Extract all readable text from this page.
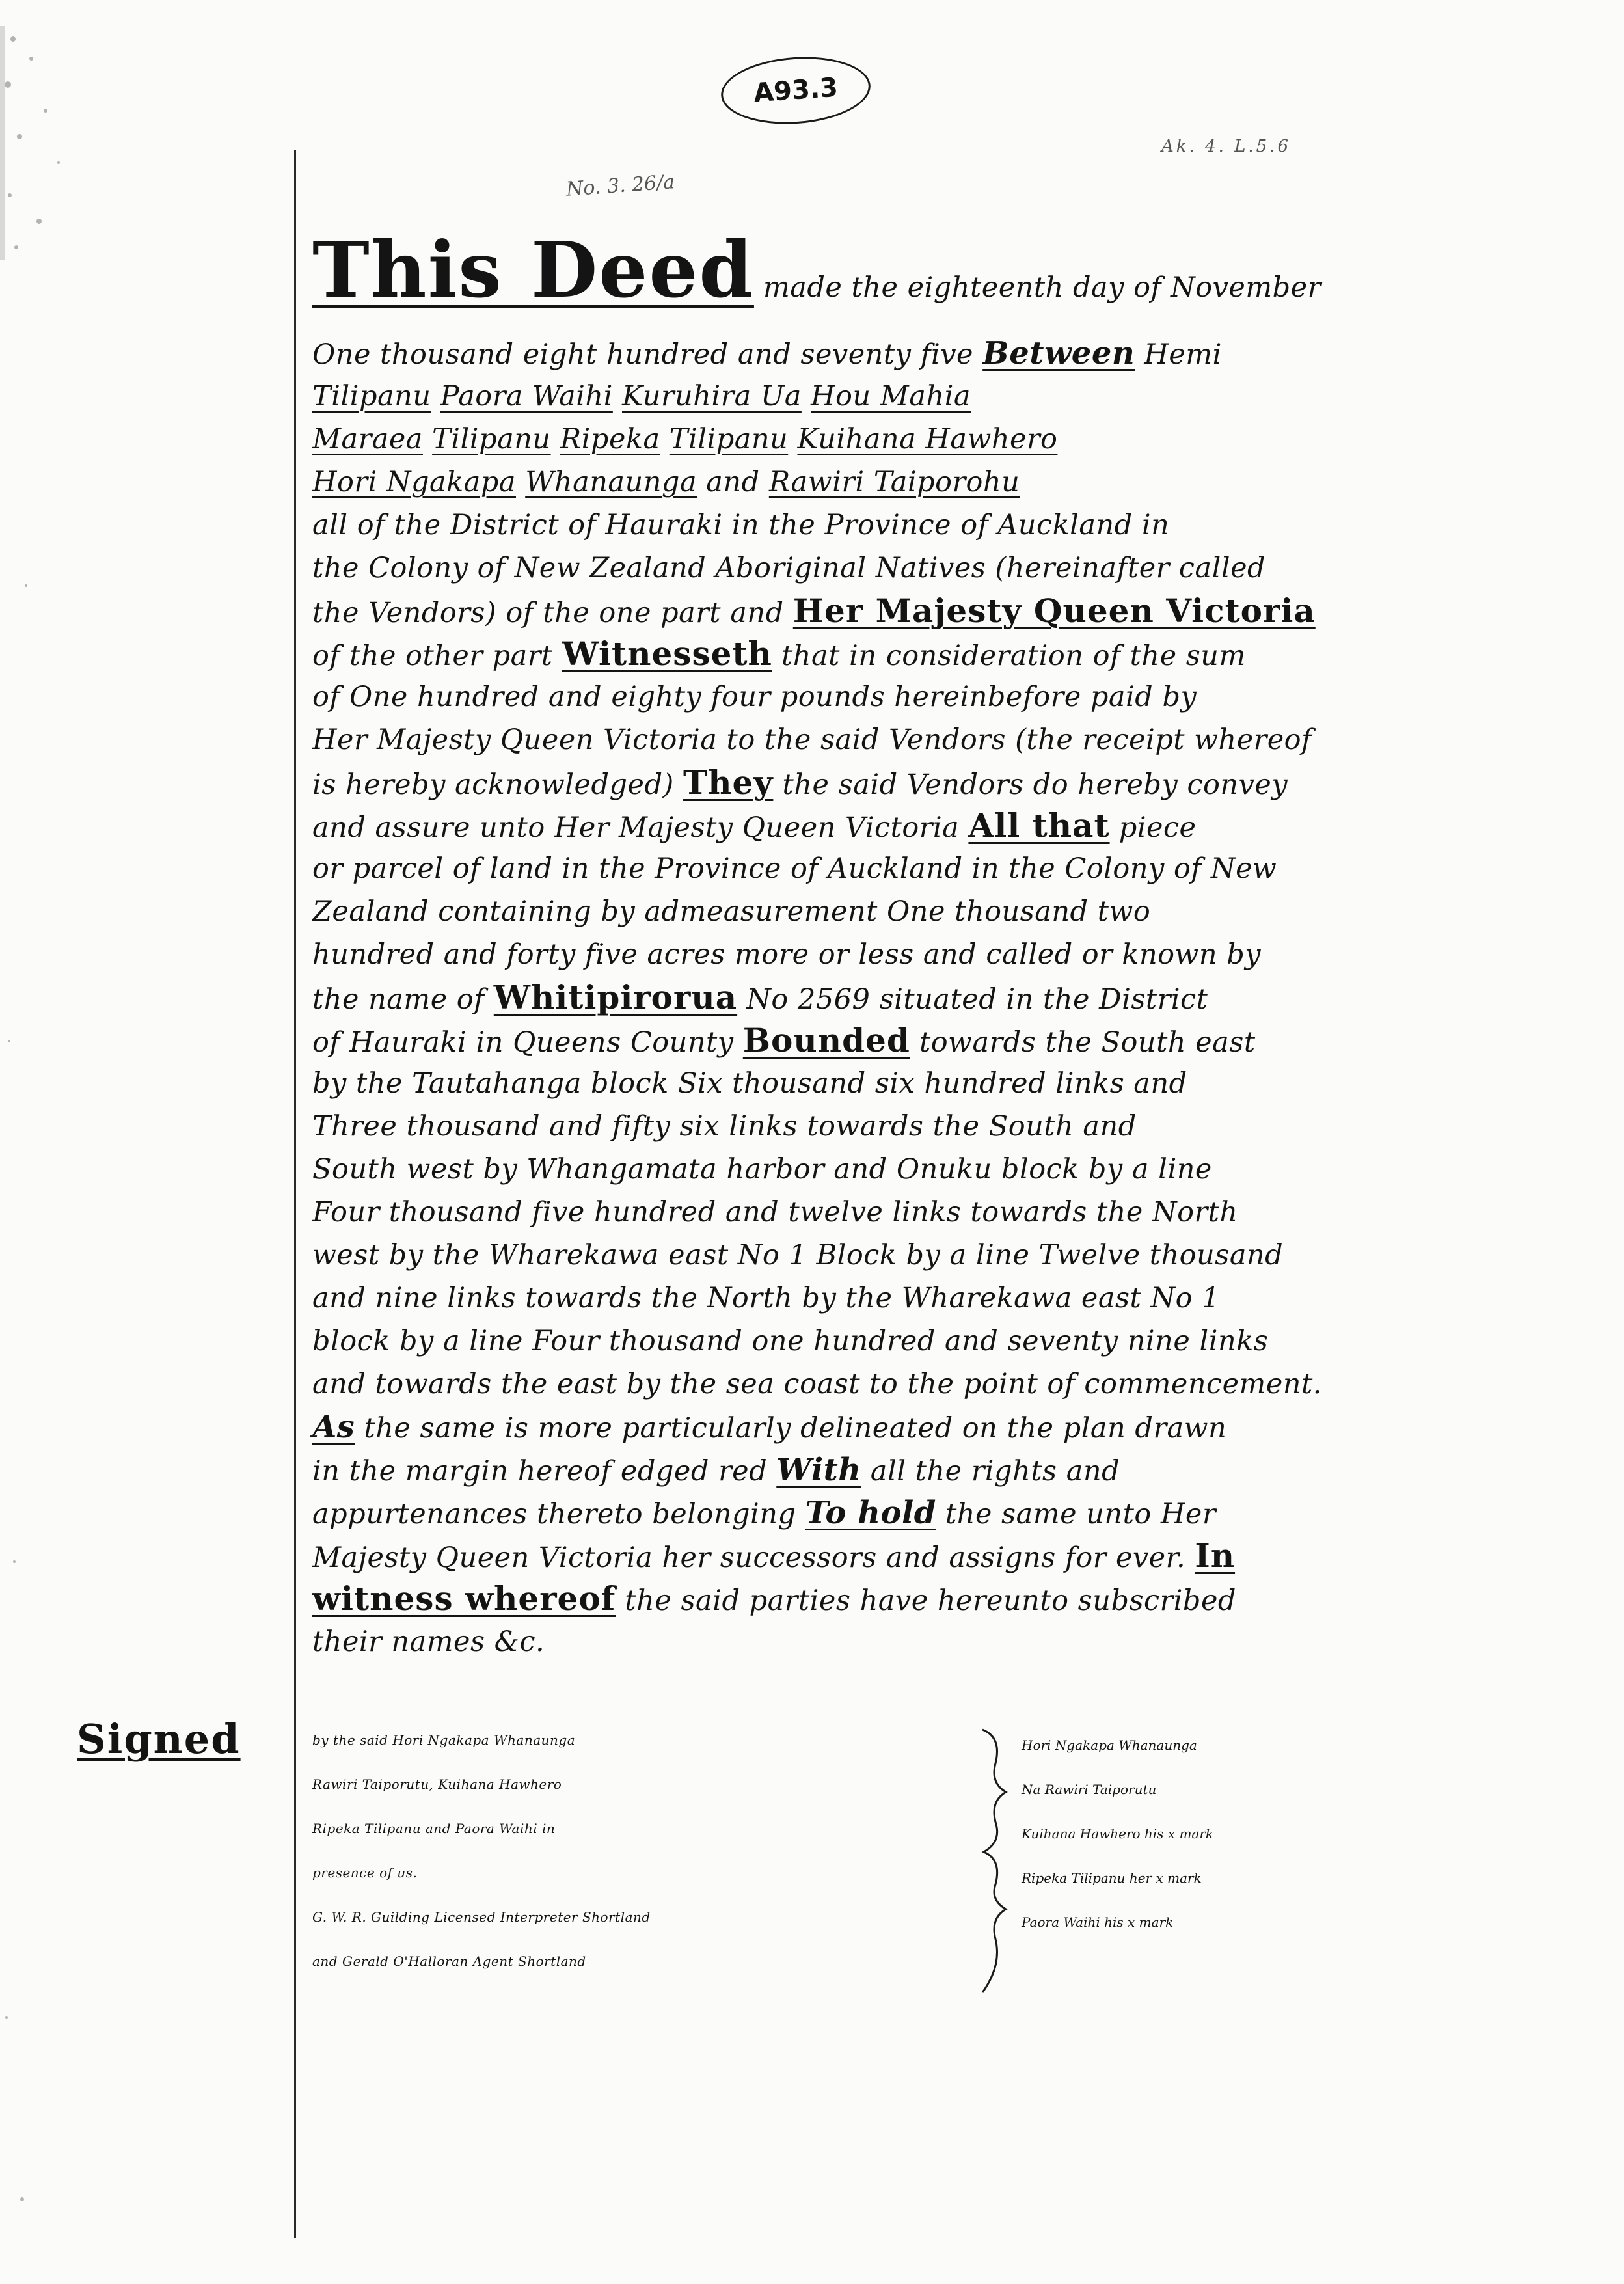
A93.3
Ak. 4. L.5.6
No. 3. 26/a
This Deed made the eighteenth day of November
One thousand eight hundred and seventy five Between Hemi
Tilipanu Paora Waihi Kuruhira Ua Hou Mahia
Maraea Tilipanu Ripeka Tilipanu Kuihana Hawhero
Hori Ngakapa Whanaunga and Rawiri Taiporohu
all of the District of Hauraki in the Province of Auckland in
the Colony of New Zealand Aboriginal Natives (hereinafter called
the Vendors) of the one part and Her Majesty Queen Victoria
of the other part Witnesseth that in consideration of the sum
of One hundred and eighty four pounds hereinbefore paid by
Her Majesty Queen Victoria to the said Vendors (the receipt whereof
is hereby acknowledged) They the said Vendors do hereby convey
and assure unto Her Majesty Queen Victoria All that piece
or parcel of land in the Province of Auckland in the Colony of New
Zealand containing by admeasurement One thousand two
hundred and forty five acres more or less and called or known by
the name of Whitipirorua No 2569 situated in the District
of Hauraki in Queens County Bounded towards the South east
by the Tautahanga block Six thousand six hundred links and
Three thousand and fifty six links towards the South and
South west by Whangamata harbor and Onuku block by a line
Four thousand five hundred and twelve links towards the North
west by the Wharekawa east No 1 Block by a line Twelve thousand
and nine links towards the North by the Wharekawa east No 1
block by a line Four thousand one hundred and seventy nine links
and towards the east by the sea coast to the point of commencement.
As the same is more particularly delineated on the plan drawn
in the margin hereof edged red With all the rights and
appurtenances thereto belonging To hold the same unto Her
Majesty Queen Victoria her successors and assigns for ever. In
witness whereof the said parties have hereunto subscribed
their names &c.
Signed	by the said Hori Ngakapa Whanaunga
Rawiri Taiporutu, Kuihana Hawhero
Ripeka Tilipanu and Paora Waihi in
presence of us.
G. W. R. Guilding Licensed Interpreter Shortland
and Gerald O'Halloran Agent Shortland
Hori Ngakapa Whanaunga
Na Rawiri Taiporutu
Kuihana Hawhero his x mark
Ripeka Tilipanu her x mark
Paora Waihi his x mark
